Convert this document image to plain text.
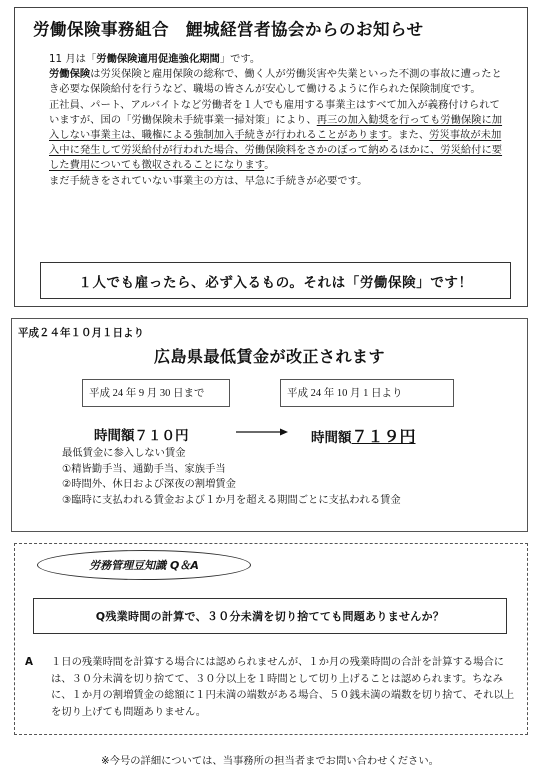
労働保険事務組合　鯉城経営者協会からのお知らせ

11 月は「労働保険適用促進強化期間」です。

労働保険は労災保険と雇用保険の総称で、働く人が労働災害や失業といった不測の事故に遭ったとき必要な保険給付を行うなど、職場の皆さんが安心して働けるように作られた保険制度です。

正社員、パート、アルバイトなど労働者を１人でも雇用する事業主はすべて加入が義務付けられていますが、国の「労働保険未手続事業一掃対策」により、再三の加入勧奨を行っても労働保険に加入しない事業主は、職権による強制加入手続きが行われることがあります。また、労災事故が未加入中に発生して労災給付が行われた場合、労働保険料をさかのぼって納めるほかに、労災給付に要した費用についても徴収されることになります。

まだ手続きをされていない事業主の方は、早急に手続きが必要です。

１人でも雇ったら、必ず入るもの。それは「労働保険」です！
平成２４年１０月１日より
広島県最低賃金が改正されます
平成 24 年 9 月 30 日まで	平成 24 年 10 月 1 日より
時間額７１０円	時間額７１９円
最低賃金に参入しない賃金
①精皆勤手当、通勤手当、家族手当
②時間外、休日および深夜の割増賃金
③臨時に支払われる賃金および１か月を超える期間ごとに支払われる賃金
労務管理豆知識 Q＆A
Q残業時間の計算で、３０分未満を切り捨てても問題ありませんか？
A １日の残業時間を計算する場合には認められませんが、１か月の残業時間の合計を計算する場合には、３０分未満を切り捨てて、３０分以上を１時間として切り上げることは認められます。ちなみに、１か月の割増賃金の総額に１円未満の端数がある場合、５０銭未満の端数を切り捨て、それ以上を切り上げても問題ありません。
※今号の詳細については、当事務所の担当者までお問い合わせください。
